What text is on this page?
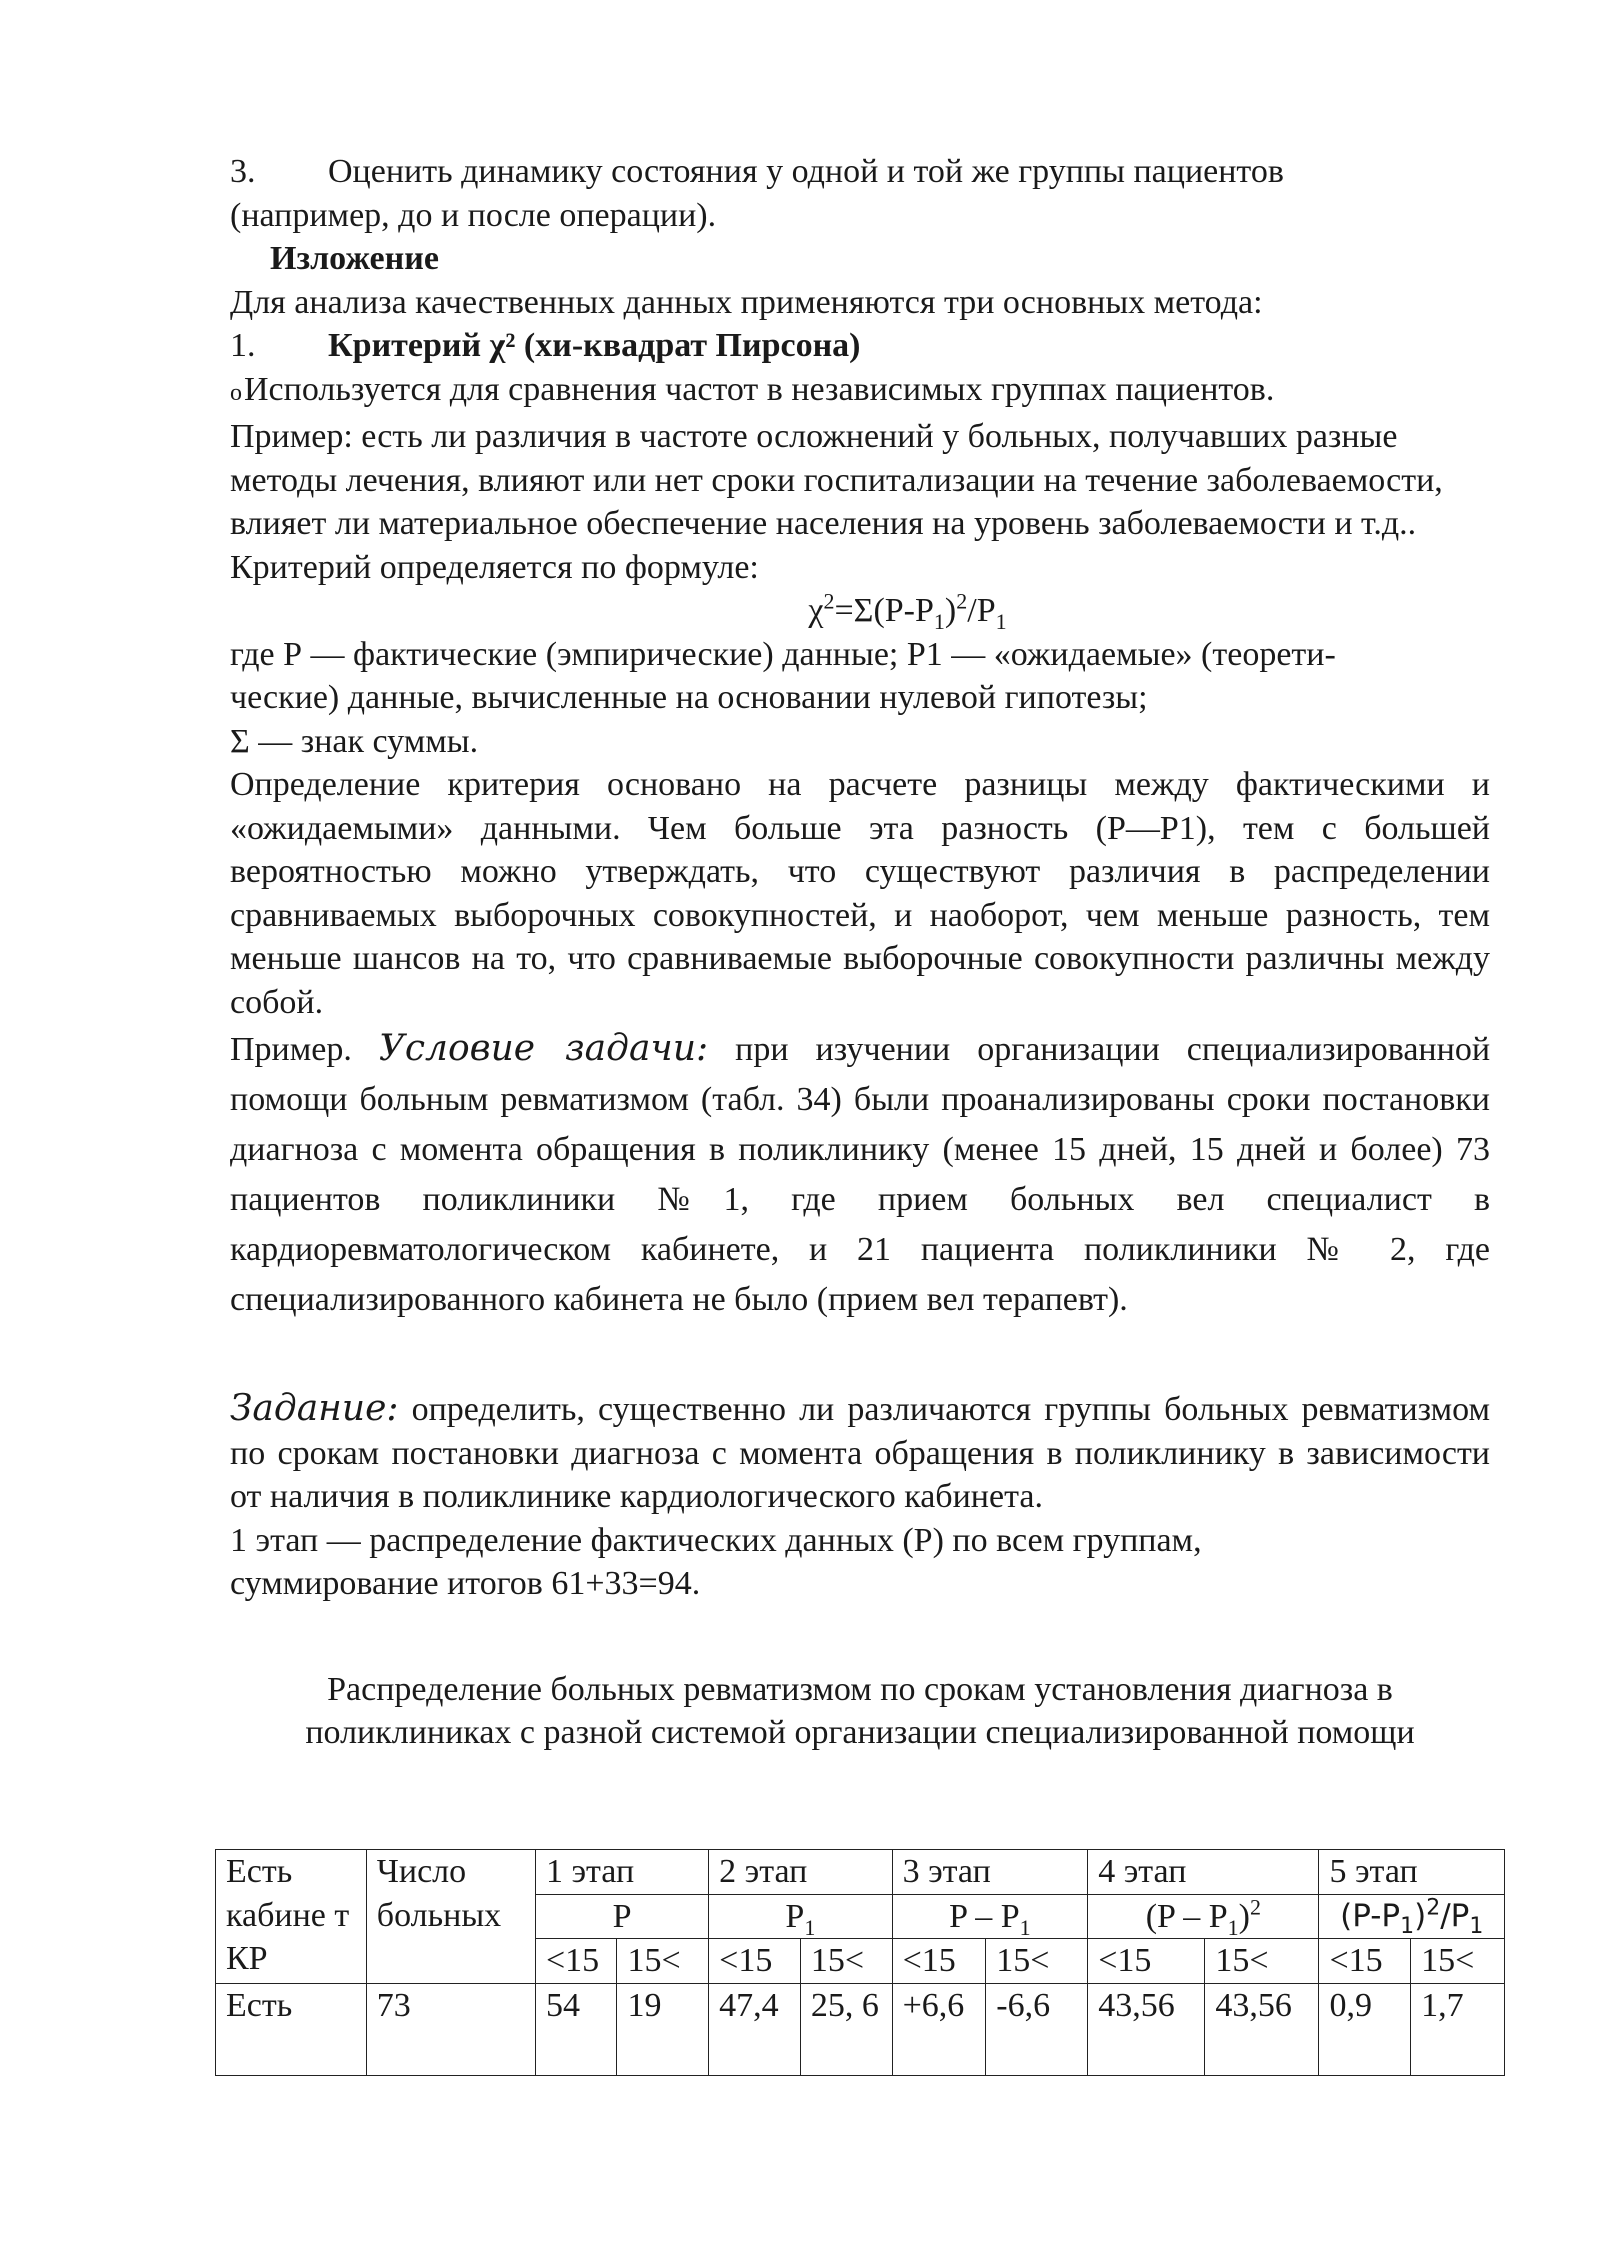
3.	Оценить динамику состояния у одной и той же группы пациентов

(например, до и после операции).

Изложение

Для анализа качественных данных применяются три основных метода:

1.	Критерий χ² (хи-квадрат Пирсона)

oИспользуется для сравнения частот в независимых группах пациентов.

Пример: есть ли различия в частоте осложнений у больных, получавших разные методы лечения, влияют или нет сроки госпитализации на течение заболеваемости, влияет ли материальное обеспечение населения на уровень заболеваемости и т.д..

Критерий определяется по формуле:

$\chi^2=\Sigma(P-P_1)^2/P_1$

где Р — фактические (эмпирические) данные; Р1 — «ожидаемые» (теорети-

ческие) данные, вычисленные на основании нулевой гипотезы;

Σ — знак суммы.

Определение критерия основано на расчете разницы между фактическими и «ожидаемыми» данными. Чем больше эта разность (Р—Р1), тем с большей вероятностью можно утверждать, что существуют различия в распределении сравниваемых выборочных совокупностей, и наоборот, чем меньше разность, тем меньше шансов на то, что сравниваемые выборочные совокупности различны между собой.

Пример. Условие задачи: при изучении организации специализированной помощи больным ревматизмом (табл. 34) были проанализированы сроки постановки диагноза с момента обращения в поликлинику (менее 15 дней, 15 дней и более) 73 пациентов поликлиники №1, где прием больных вел специалист в кардиоревматологическом кабинете, и 21 пациента поликлиники № 2, где специализированного кабинета не было (прием вел терапевт).

Задание: определить, существенно ли различаются группы больных ревматизмом по срокам постановки диагноза с момента обращения в поликлинику в зависимости от наличия в поликлинике кардиологического кабинета.

1 этап — распределение фактических данных (Р) по всем группам,

суммирование итогов 61+33=94.

Распределение больных ревматизмом по срокам установления диагноза в

поликлиниках с разной системой организации специализированной помощи

Есть кабине т КР	Число больных	1 этап		2 этап		3 этап		4 этап		5 этап	
		P		$P_1$		P – $P_1$		$(P - P_1)^2$		$(P-P_1)^2/P_1$
		<15	15<	<15	15<	<15	15<	<15	15<	<15	15<
Есть	73	54	19	47,4	25, 6	+6,6	-6,6	43,56	43,56	0,9	1,7
